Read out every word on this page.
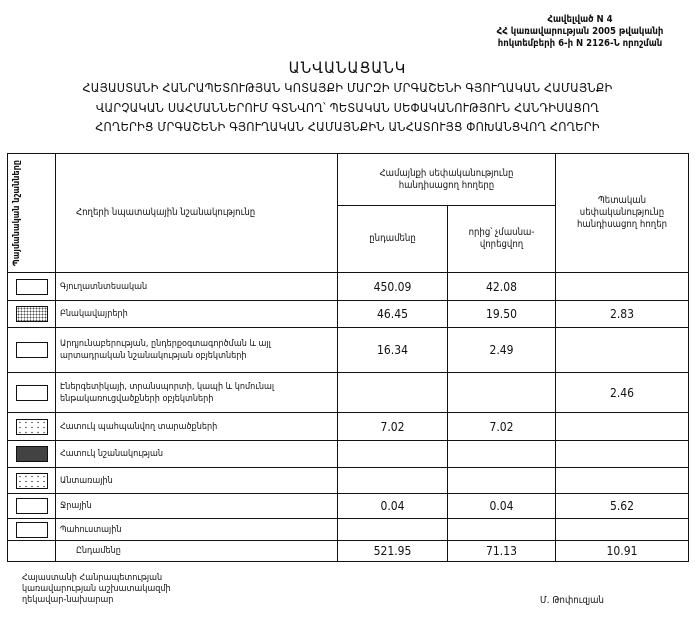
Հավելված N 4
ՀՀ կառավարության 2005 թվականի
հոկտեմբերի 6-ի N 2126-Ն որոշման
ԱՆՎԱՆԱՑԱՆԿ
ՀԱՅԱՍՏԱՆԻ ՀԱՆՐԱՊԵՏՈՒԹՅԱՆ ԿՈՏԱՅՔԻ ՄԱՐԶԻ ՄՐԳԱՇԵՆԻ ԳՅՈՒՂԱԿԱՆ ՀԱՄԱՅՆՔԻ
ՎԱՐՉԱԿԱՆ ՍԱՀՄԱՆՆԵՐՈՒՄ ԳՏՆՎՈՂ՝ ՊԵՏԱԿԱՆ ՍԵՓԱԿԱՆՈՒԹՅՈՒՆ ՀԱՆԴԻՍԱՑՈՂ
ՀՈՂԵՐԻՑ ՄՐԳԱՇԵՆԻ ԳՅՈՒՂԱԿԱՆ ՀԱՄԱՅՆՔԻՆ ԱՆՀԱՏՈՒՅՑ ՓՈԽԱՆՑՎՈՂ ՀՈՂԵՐԻ
Պայմանական նշանները	Հողերի նպատակային նշանակությունը	Համայնքի սեփականությունը հանդիսացող հողերը		Պետական սեփականությունը հանդիսացող հողեր
		ընդամենը	որից՝ չմասնա-վորեցվող	
	Գյուղատնտեսական	450.09	42.08	
	Բնակավայրերի	46.45	19.50	2.83
	Արդյունաբերության, ընդերքօգտագործման և այլ արտադրական նշանակության օբյեկտների	16.34	2.49	
	Էներգետիկայի, տրանսպորտի, կապի և կոմունալ ենթակառուցվածքների օբյեկտների			2.46
	Հատուկ պահպանվող տարածքների	7.02	7.02	
	Հատուկ նշանակության			
	Անտառային			
	Ջրային	0.04	0.04	5.62
	Պահուստային			
	Ընդամենը	521.95	71.13	10.91
Հայաստանի Հանրապետության
կառավարության աշխատակազմի
ղեկավար-նախարար	Մ. Թոփուզյան
